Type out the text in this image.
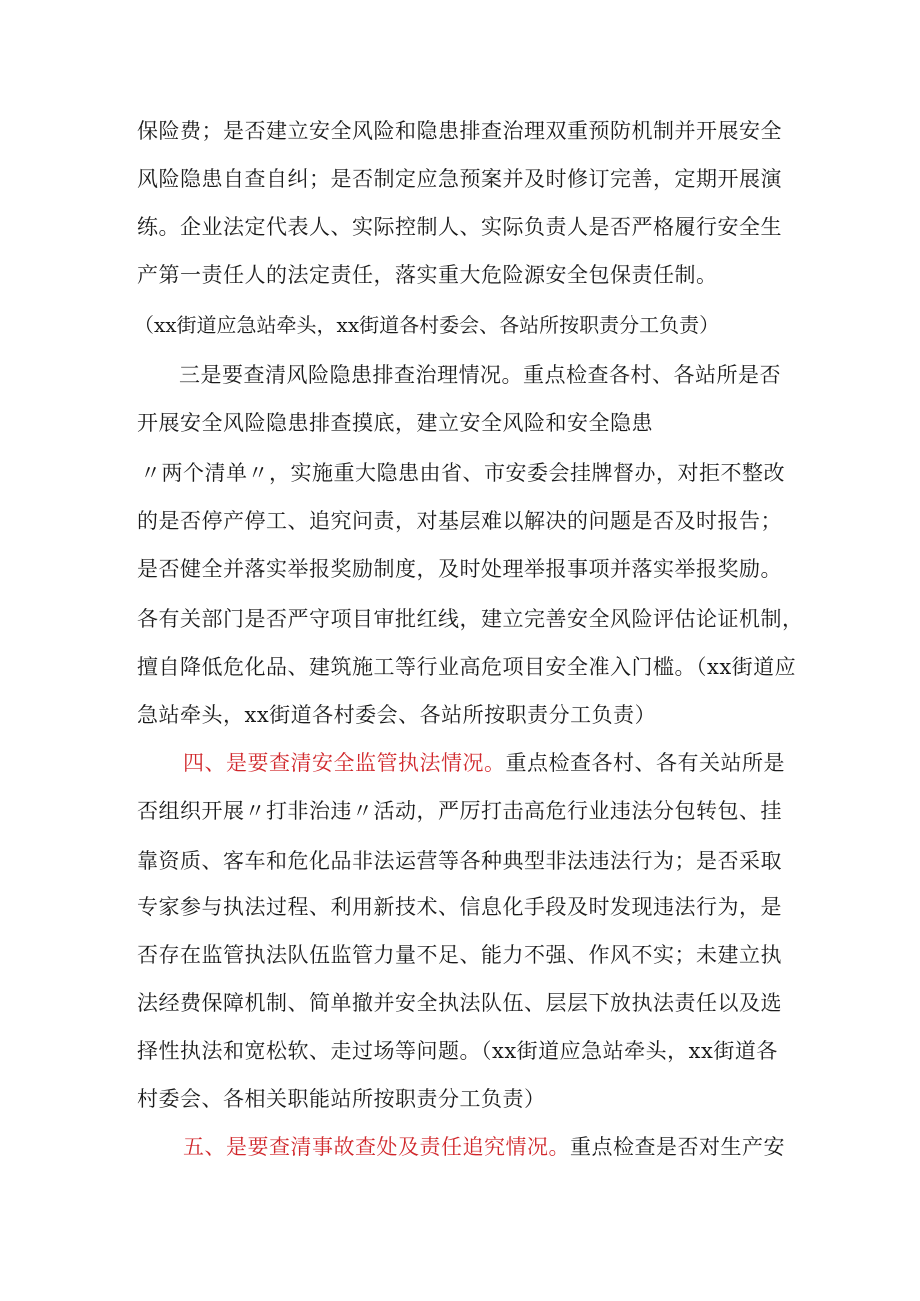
保险费；是否建立安全风险和隐患排查治理双重预防机制并开展安全
风险隐患自查自纠；是否制定应急预案并及时修订完善，定期开展演
练。企业法定代表人、实际控制人、实际负责人是否严格履行安全生
产第一责任人的法定责任，落实重大危险源安全包保责任制。
（xx街道应急站牵头，xx街道各村委会、各站所按职责分工负责）
三是要查清风险隐患排查治理情况。重点检查各村、各站所是否
开展安全风险隐患排查摸底，建立安全风险和安全隐患
〃两个清单〃，实施重大隐患由省、市安委会挂牌督办，对拒不整改
的是否停产停工、追究问责，对基层难以解决的问题是否及时报告；
是否健全并落实举报奖励制度，及时处理举报事项并落实举报奖励。
各有关部门是否严守项目审批红线，建立完善安全风险评估论证机制，
擅自降低危化品、建筑施工等行业高危项目安全准入门槛。（xx街道应
急站牵头，xx街道各村委会、各站所按职责分工负责）
四、是要查清安全监管执法情况。重点检查各村、各有关站所是
否组织开展〃打非治违〃活动，严厉打击高危行业违法分包转包、挂
靠资质、客车和危化品非法运营等各种典型非法违法行为；是否采取
专家参与执法过程、利用新技术、信息化手段及时发现违法行为，是
否存在监管执法队伍监管力量不足、能力不强、作风不实；未建立执
法经费保障机制、简单撤并安全执法队伍、层层下放执法责任以及选
择性执法和宽松软、走过场等问题。（xx街道应急站牵头，xx街道各
村委会、各相关职能站所按职责分工负责）
五、是要查清事故查处及责任追究情况。重点检查是否对生产安
